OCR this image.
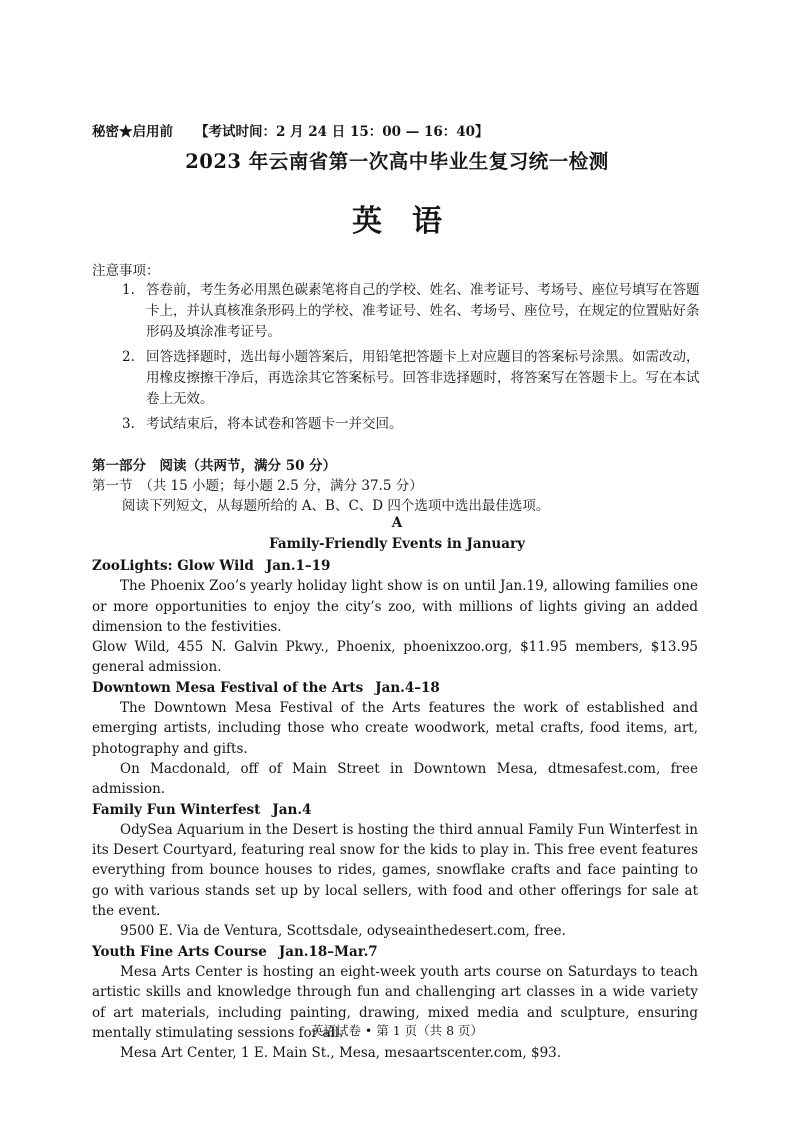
秘密★启用前 【考试时间：2 月 24 日 15：00 — 16：40】
2023 年云南省第一次高中毕业生复习统一检测
英语
注意事项：
1. 答卷前，考生务必用黑色碳素笔将自己的学校、姓名、准考证号、考场号、座位号填写在答题卡上，并认真核准条形码上的学校、准考证号、姓名、考场号、座位号，在规定的位置贴好条形码及填涂准考证号。
2. 回答选择题时，选出每小题答案后，用铅笔把答题卡上对应题目的答案标号涂黑。如需改动，用橡皮擦擦干净后，再选涂其它答案标号。回答非选择题时，将答案写在答题卡上。写在本试卷上无效。
3. 考试结束后，将本试卷和答题卡一并交回。
第一部分　阅读（共两节，满分 50 分）
第一节　（共 15 小题；每小题 2.5 分，满分 37.5 分）
阅读下列短文，从每题所给的 A、B、C、D 四个选项中选出最佳选项。
A
Family-Friendly Events in January
ZooLights: Glow Wild Jan.1–19

The Phoenix Zoo’s yearly holiday light show is on until Jan.19, allowing families one or more opportunities to enjoy the city’s zoo, with millions of lights giving an added dimension to the festivities.

Glow Wild, 455 N. Galvin Pkwy., Phoenix, phoenixzoo.org, $11.95 members, $13.95 general admission.

Downtown Mesa Festival of the Arts Jan.4–18

The Downtown Mesa Festival of the Arts features the work of established and emerging artists, including those who create woodwork, metal crafts, food items, art, photography and gifts.

On Macdonald, off of Main Street in Downtown Mesa, dtmesafest.com, free admission.

Family Fun Winterfest Jan.4

OdySea Aquarium in the Desert is hosting the third annual Family Fun Winterfest in its Desert Courtyard, featuring real snow for the kids to play in. This free event features everything from bounce houses to rides, games, snowflake crafts and face painting to go with various stands set up by local sellers, with food and other offerings for sale at the event.

9500 E. Via de Ventura, Scottsdale, odyseainthedesert.com, free.

Youth Fine Arts Course Jan.18–Mar.7

Mesa Arts Center is hosting an eight-week youth arts course on Saturdays to teach artistic skills and knowledge through fun and challenging art classes in a wide variety of art materials, including painting, drawing, mixed media and sculpture, ensuring mentally stimulating sessions for all.

Mesa Art Center, 1 E. Main St., Mesa, mesaartscenter.com, $93.

英语试卷 • 第 1 页（共 8 页）
